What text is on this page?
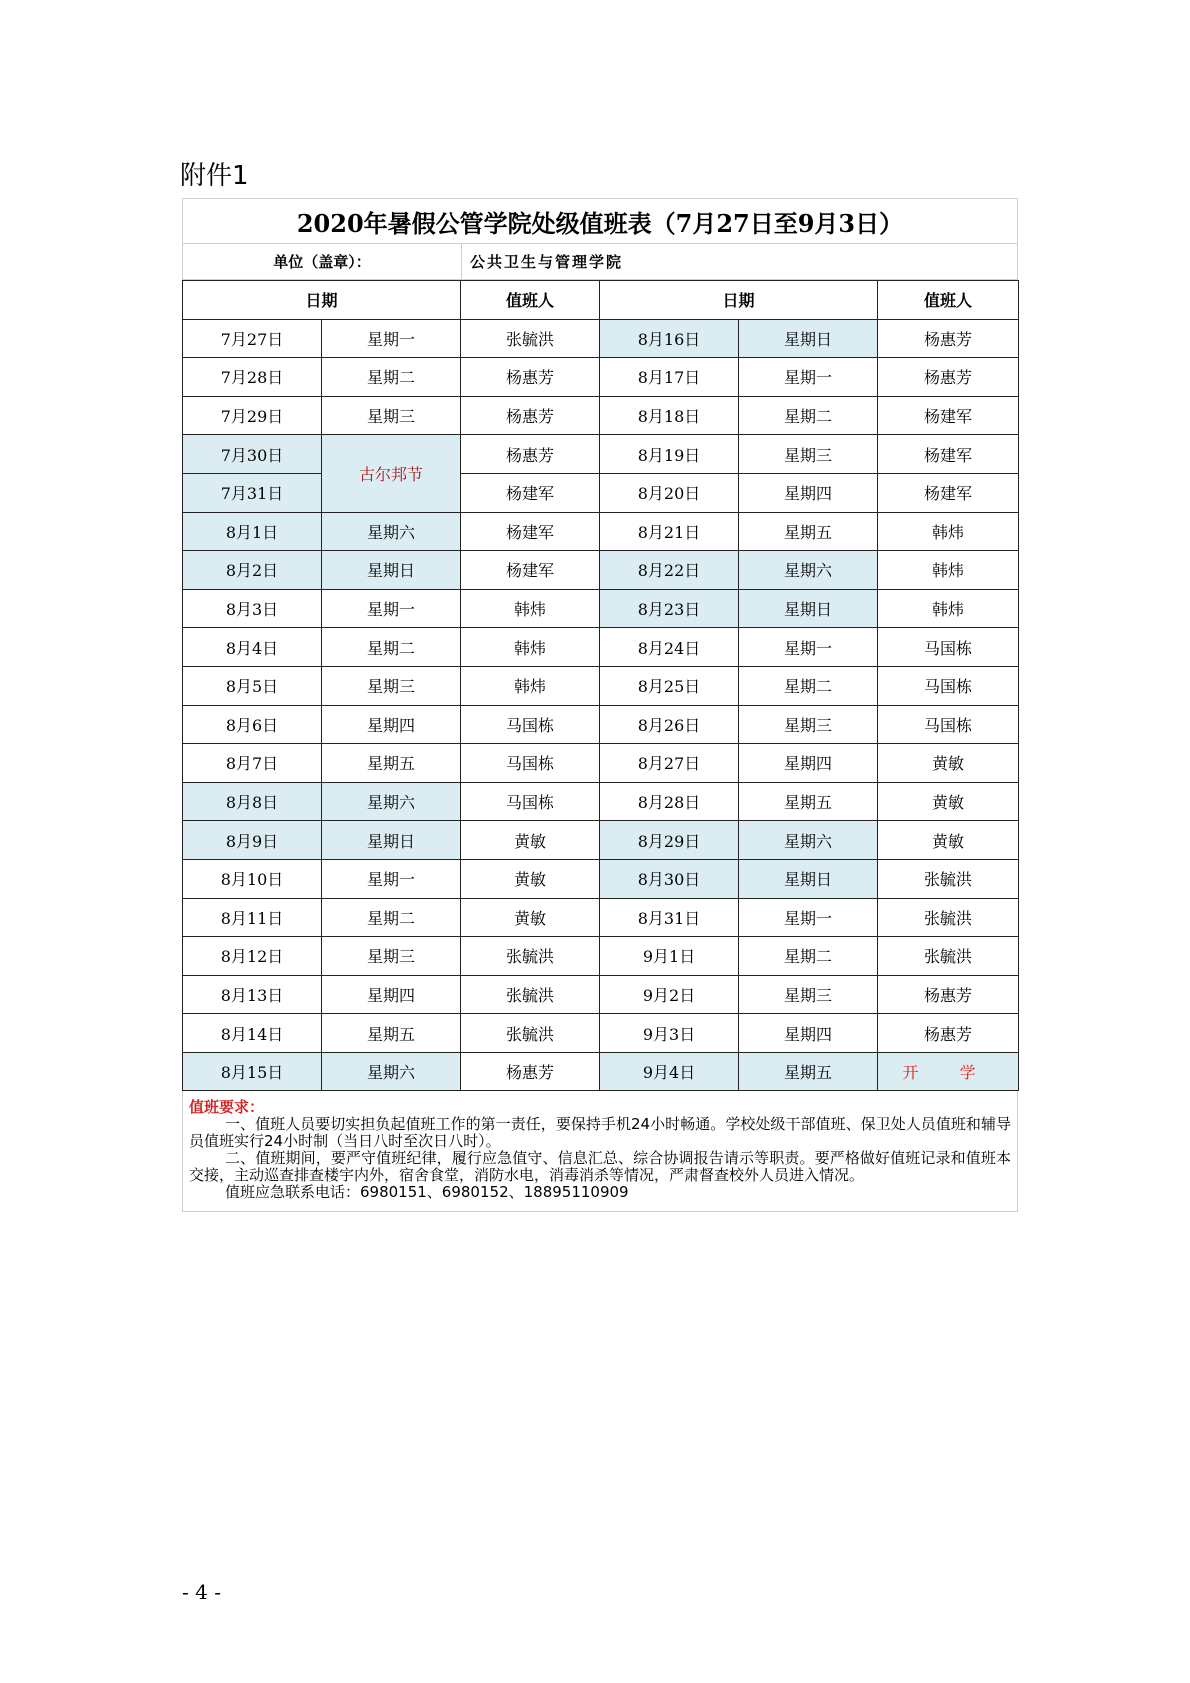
附件1
2020年暑假公管学院处级值班表（7月27日至9月3日）
单位（盖章）：	公共卫生与管理学院
日期		值班人	日期		值班人
7月27日	星期一	张毓洪	8月16日	星期日	杨惠芳
7月28日	星期二	杨惠芳	8月17日	星期一	杨惠芳
7月29日	星期三	杨惠芳	8月18日	星期二	杨建军
7月30日	古尔邦节	杨惠芳	8月19日	星期三	杨建军
7月31日		杨建军	8月20日	星期四	杨建军
8月1日	星期六	杨建军	8月21日	星期五	韩炜
8月2日	星期日	杨建军	8月22日	星期六	韩炜
8月3日	星期一	韩炜	8月23日	星期日	韩炜
8月4日	星期二	韩炜	8月24日	星期一	马国栋
8月5日	星期三	韩炜	8月25日	星期二	马国栋
8月6日	星期四	马国栋	8月26日	星期三	马国栋
8月7日	星期五	马国栋	8月27日	星期四	黄敏
8月8日	星期六	马国栋	8月28日	星期五	黄敏
8月9日	星期日	黄敏	8月29日	星期六	黄敏
8月10日	星期一	黄敏	8月30日	星期日	张毓洪
8月11日	星期二	黄敏	8月31日	星期一	张毓洪
8月12日	星期三	张毓洪	9月1日	星期二	张毓洪
8月13日	星期四	张毓洪	9月2日	星期三	杨惠芳
8月14日	星期五	张毓洪	9月3日	星期四	杨惠芳
8月15日	星期六	杨惠芳	9月4日	星期五	开 学
值班要求：

一、值班人员要切实担负起值班工作的第一责任，要保持手机24小时畅通。学校处级干部值班、保卫处人员值班和辅导员值班实行24小时制（当日八时至次日八时）。

二、值班期间，要严守值班纪律，履行应急值守、信息汇总、综合协调报告请示等职责。要严格做好值班记录和值班本交接，主动巡查排查楼宇内外，宿舍食堂，消防水电，消毒消杀等情况，严肃督查校外人员进入情况。

值班应急联系电话：6980151、6980152、18895110909

- 4 -
